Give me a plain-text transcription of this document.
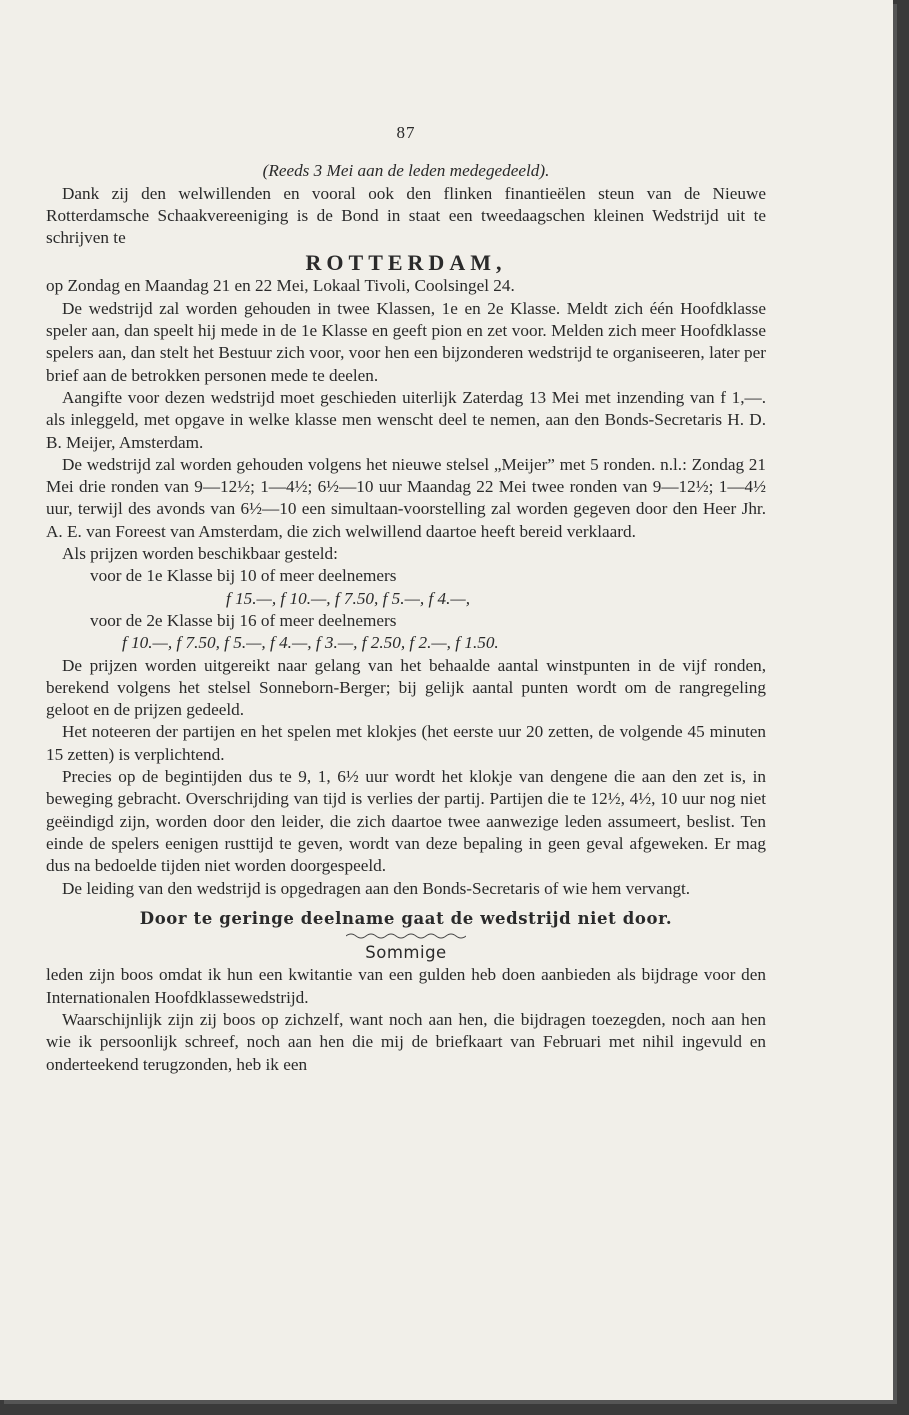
87
(Reeds 3 Mei aan de leden medegedeeld).

Dank zij den welwillenden en vooral ook den flinken finantieëlen steun van de Nieuwe Rotterdamsche Schaakvereeniging is de Bond in staat een tweedaagschen kleinen Wedstrijd uit te schrijven te

ROTTERDAM,

op Zondag en Maandag 21 en 22 Mei, Lokaal Tivoli, Coolsingel 24.

De wedstrijd zal worden gehouden in twee Klassen, 1e en 2e Klasse. Meldt zich één Hoofdklasse speler aan, dan speelt hij mede in de 1e Klasse en geeft pion en zet voor. Melden zich meer Hoofdklasse spelers aan, dan stelt het Bestuur zich voor, voor hen een bijzonderen wedstrijd te organiseeren, later per brief aan de betrokken personen mede te deelen.

Aangifte voor dezen wedstrijd moet geschieden uiterlijk Zaterdag 13 Mei met inzending van f 1,—. als inleggeld, met opgave in welke klasse men wenscht deel te nemen, aan den Bonds-Secretaris H. D. B. Meijer, Amsterdam.

De wedstrijd zal worden gehouden volgens het nieuwe stelsel „Meijer” met 5 ronden. n.l.: Zondag 21 Mei drie ronden van 9—12½; 1—4½; 6½—10 uur Maandag 22 Mei twee ronden van 9—12½; 1—4½ uur, terwijl des avonds van 6½—10 een simultaan-voorstelling zal worden gegeven door den Heer Jhr. A. E. van Foreest van Amsterdam, die zich welwillend daartoe heeft bereid verklaard.

Als prijzen worden beschikbaar gesteld:

voor de 1e Klasse bij 10 of meer deelnemers

f 15.—, f 10.—, f 7.50, f 5.—, f 4.—,

voor de 2e Klasse bij 16 of meer deelnemers

f 10.—, f 7.50, f 5.—, f 4.—, f 3.—, f 2.50, f 2.—, f 1.50.

De prijzen worden uitgereikt naar gelang van het behaalde aantal winstpunten in de vijf ronden, berekend volgens het stelsel Sonneborn-Berger; bij gelijk aantal punten wordt om de rangregeling geloot en de prijzen gedeeld.

Het noteeren der partijen en het spelen met klokjes (het eerste uur 20 zetten, de volgende 45 minuten 15 zetten) is verplichtend.

Precies op de begintijden dus te 9, 1, 6½ uur wordt het klokje van dengene die aan den zet is, in beweging gebracht. Overschrijding van tijd is verlies der partij. Partijen die te 12½, 4½, 10 uur nog niet geëindigd zijn, worden door den leider, die zich daartoe twee aanwezige leden assumeert, beslist. Ten einde de spelers eenigen rusttijd te geven, wordt van deze bepaling in geen geval afgeweken. Er mag dus na bedoelde tijden niet worden doorgespeeld.

De leiding van den wedstrijd is opgedragen aan den Bonds-Secretaris of wie hem vervangt.

Door te geringe deelname gaat de wedstrijd niet door.
Sommige

leden zijn boos omdat ik hun een kwitantie van een gulden heb doen aanbieden als bijdrage voor den Internationalen Hoofdklassewedstrijd.

Waarschijnlijk zijn zij boos op zichzelf, want noch aan hen, die bijdragen toezegden, noch aan hen wie ik persoonlijk schreef, noch aan hen die mij de briefkaart van Februari met nihil ingevuld en onderteekend terugzonden, heb ik een
